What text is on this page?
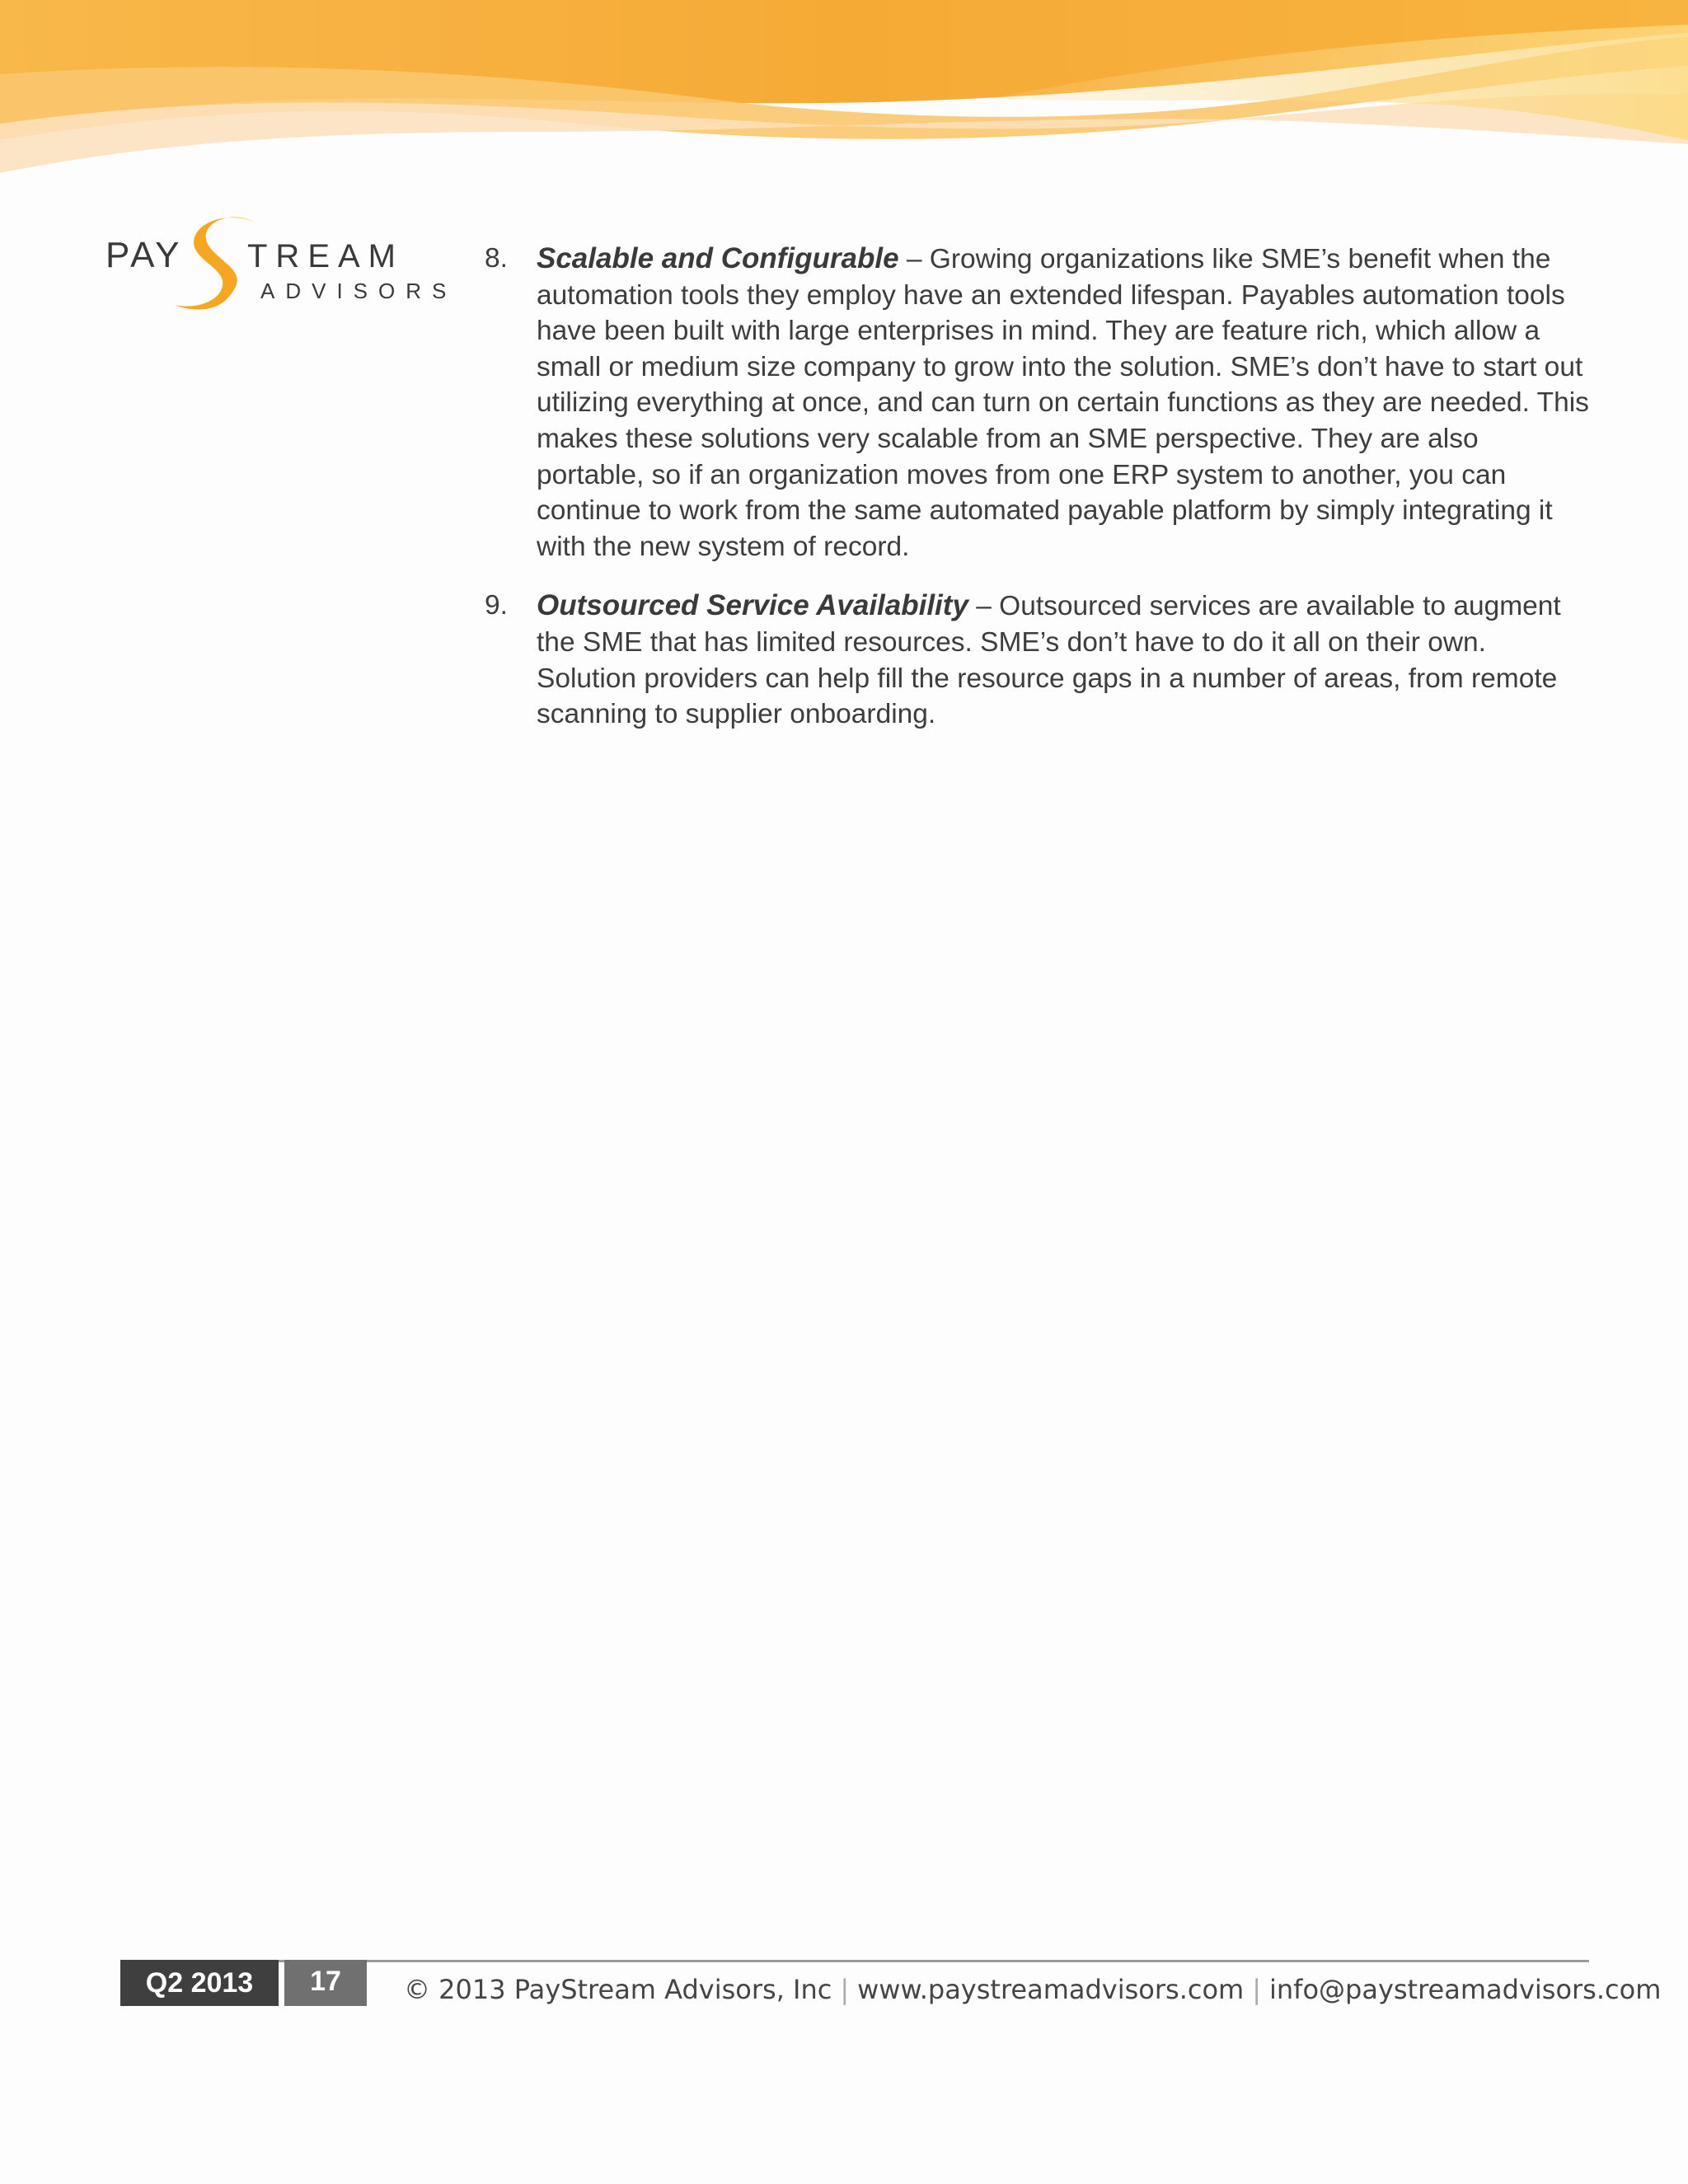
PAY TREAM
ADVISORS
8. Scalable and Configurable – Growing organizations like SME’s benefit when the automation tools they employ have an extended lifespan. Payables automation tools have been built with large enterprises in mind. They are feature rich, which allow a small or medium size company to grow into the solution. SME’s don’t have to start out utilizing everything at once, and can turn on certain functions as they are needed. This makes these solutions very scalable from an SME perspective. They are also portable, so if an organization moves from one ERP system to another, you can continue to work from the same automated payable platform by simply integrating it with the new system of record.
9. Outsourced Service Availability – Outsourced services are available to augment the SME that has limited resources. SME’s don’t have to do it all on their own. Solution providers can help fill the resource gaps in a number of areas, from remote scanning to supplier onboarding.
Q2 2013	17	© 2013 PayStream Advisors, Inc | www.paystreamadvisors.com | info@paystreamadvisors.com
